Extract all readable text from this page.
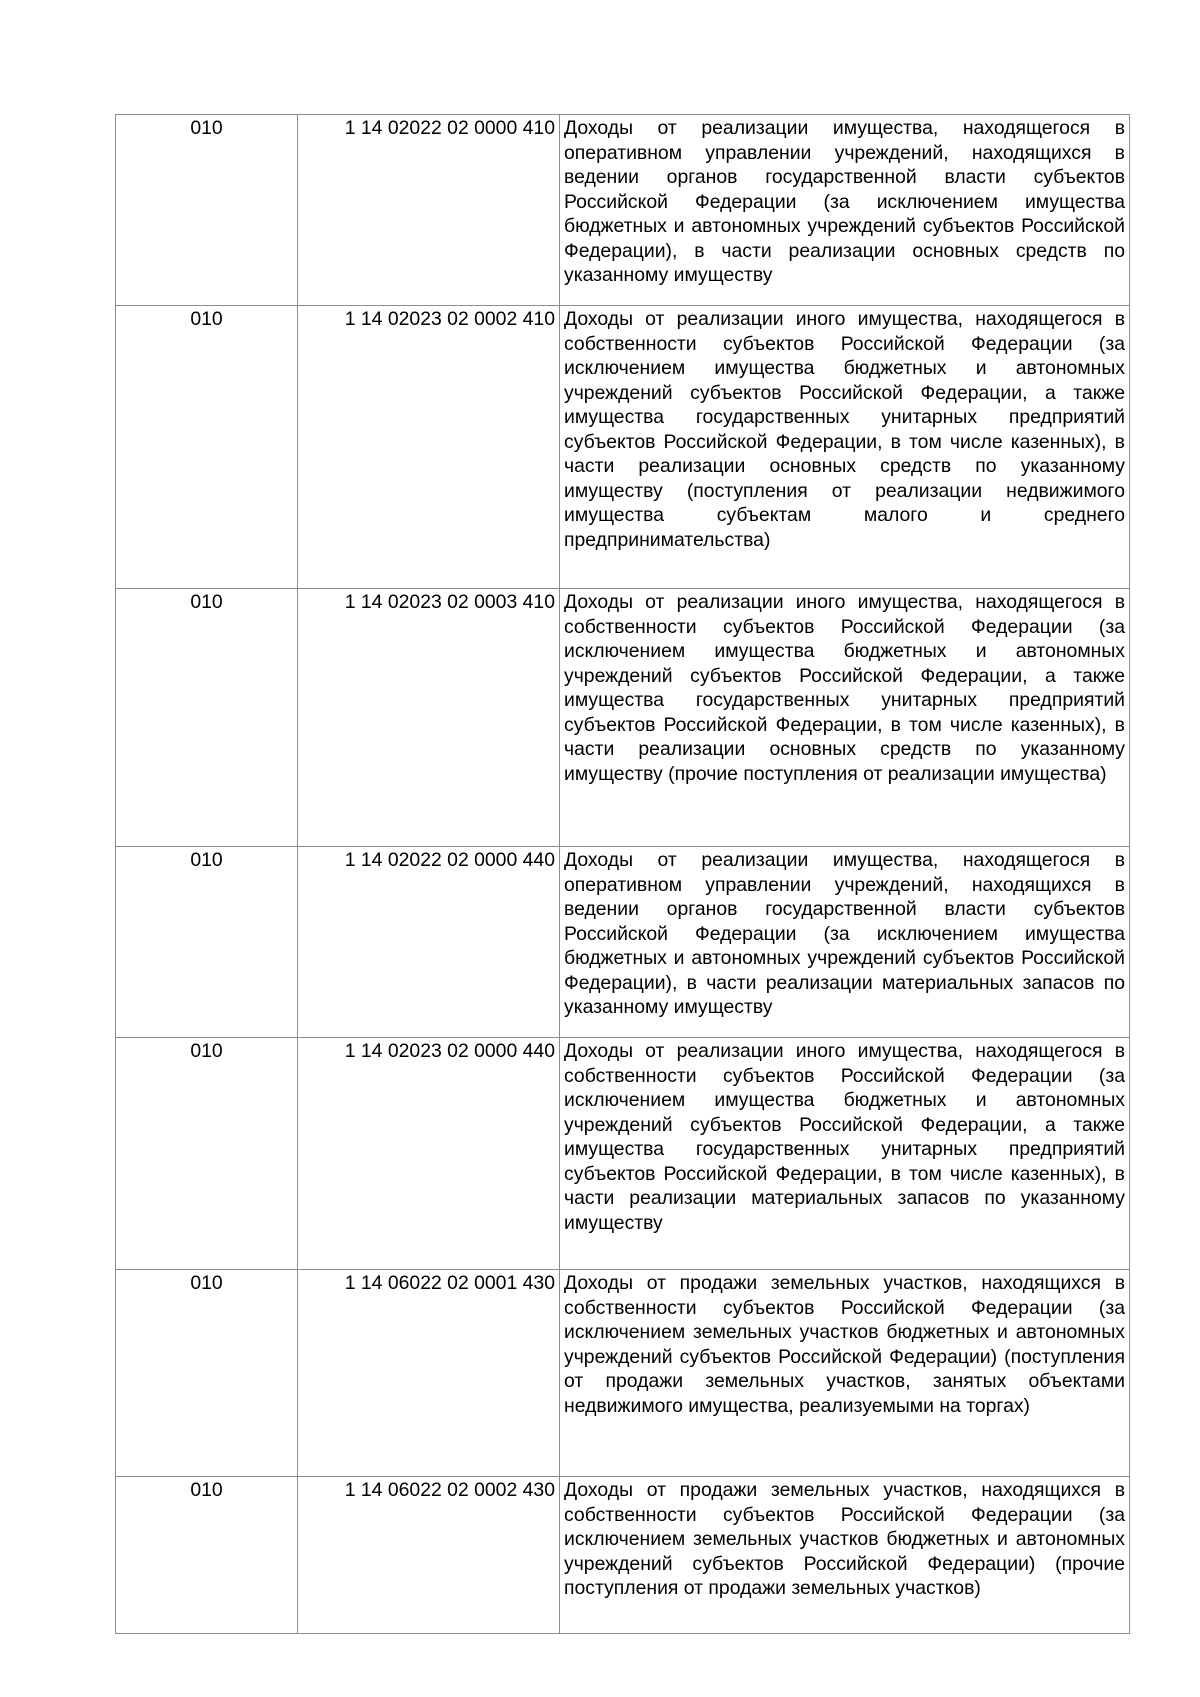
010	1 14 02022 02 0000 410	Доходы от реализации имущества, находящегося в оперативном управлении учреждений, находящихся в ведении органов государственной власти субъектов Российской Федерации (за исключением имущества бюджетных и автономных учреждений субъектов Российской Федерации), в части реализации основных средств по указанному имуществу
010	1 14 02023 02 0002 410	Доходы от реализации иного имущества, находящегося в собственности субъектов Российской Федерации (за исключением имущества бюджетных и автономных учреждений субъектов Российской Федерации, а также имущества государственных унитарных предприятий субъектов Российской Федерации, в том числе казенных), в части реализации основных средств по указанному имуществу (поступления от реализации недвижимого имущества субъектам малого и среднего предпринимательства)
010	1 14 02023 02 0003 410	Доходы от реализации иного имущества, находящегося в собственности субъектов Российской Федерации (за исключением имущества бюджетных и автономных учреждений субъектов Российской Федерации, а также имущества государственных унитарных предприятий субъектов Российской Федерации, в том числе казенных), в части реализации основных средств по указанному имуществу (прочие поступления от реализации имущества)
010	1 14 02022 02 0000 440	Доходы от реализации имущества, находящегося в оперативном управлении учреждений, находящихся в ведении органов государственной власти субъектов Российской Федерации (за исключением имущества бюджетных и автономных учреждений субъектов Российской Федерации), в части реализации материальных запасов по указанному имуществу
010	1 14 02023 02 0000 440	Доходы от реализации иного имущества, находящегося в собственности субъектов Российской Федерации (за исключением имущества бюджетных и автономных учреждений субъектов Российской Федерации, а также имущества государственных унитарных предприятий субъектов Российской Федерации, в том числе казенных), в части реализации материальных запасов по указанному имуществу
010	1 14 06022 02 0001 430	Доходы от продажи земельных участков, находящихся в собственности субъектов Российской Федерации (за исключением земельных участков бюджетных и автономных учреждений субъектов Российской Федерации) (поступления от продажи земельных участков, занятых объектами недвижимого имущества, реализуемыми на торгах)
010	1 14 06022 02 0002 430	Доходы от продажи земельных участков, находящихся в собственности субъектов Российской Федерации (за исключением земельных участков бюджетных и автономных учреждений субъектов Российской Федерации) (прочие поступления от продажи земельных участков)
